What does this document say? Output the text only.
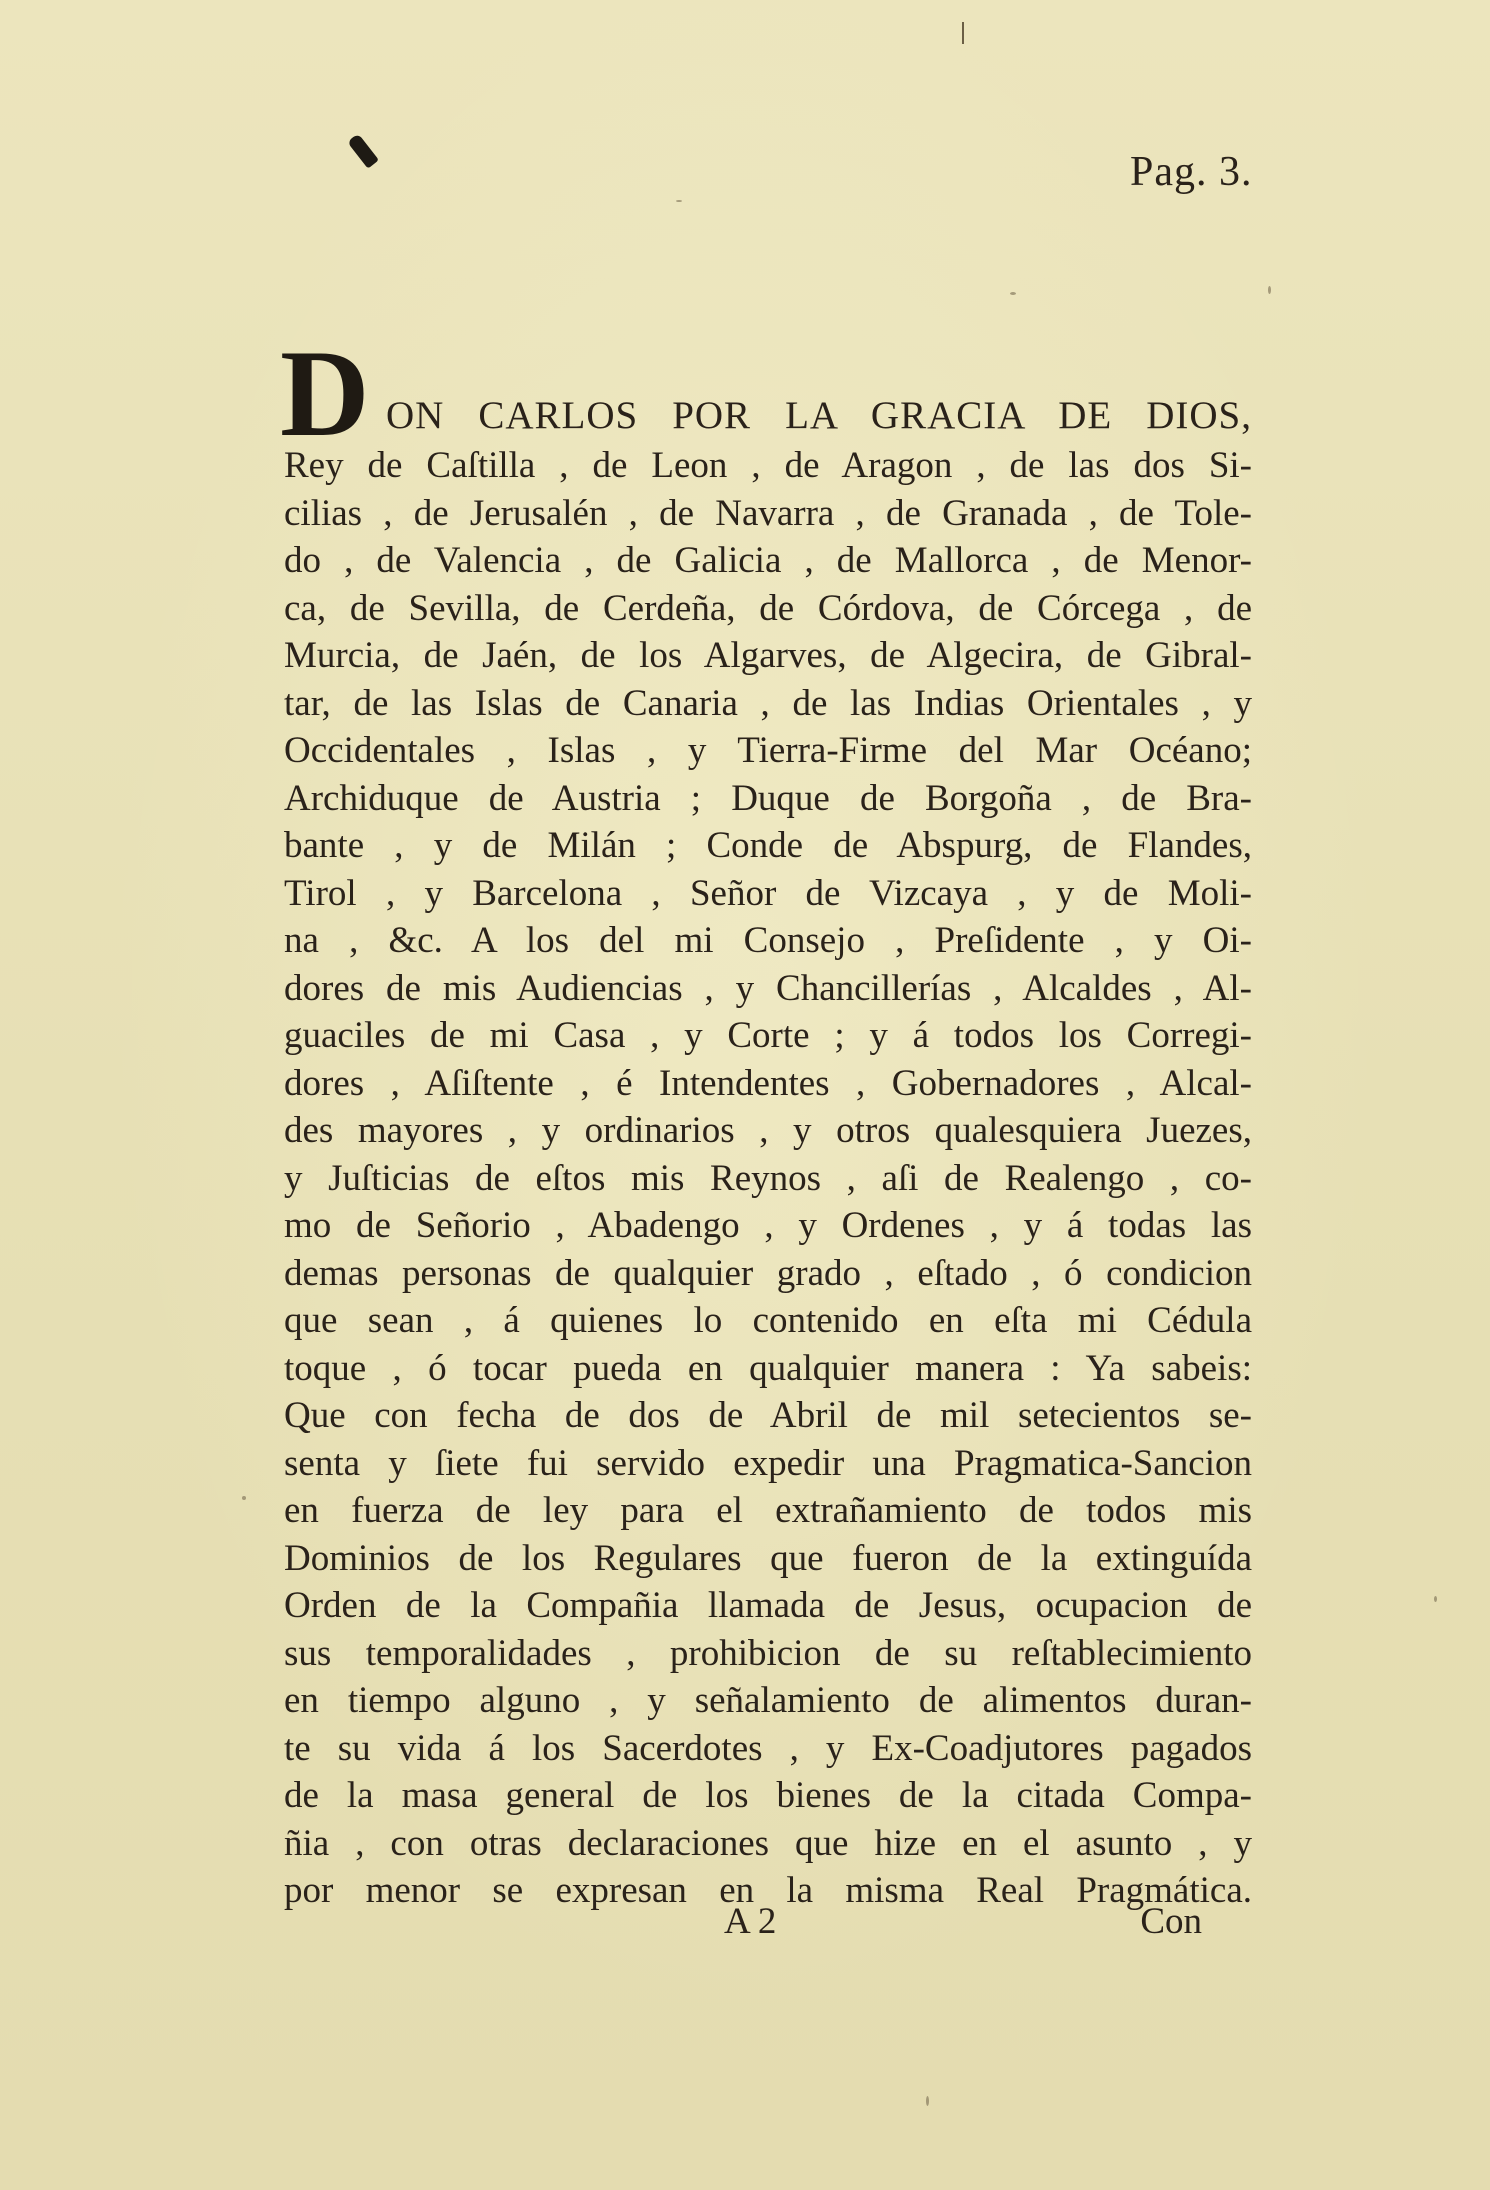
Pag. 3.
D ON CARLOS POR LA GRACIA DE DIOS,
Rey de Caſtilla , de Leon , de Aragon , de las dos Si-
cilias , de Jerusalén , de Navarra , de Granada , de Tole-
do , de Valencia , de Galicia , de Mallorca , de Menor-
ca, de Sevilla, de Cerdeña, de Córdova, de Córcega , de
Murcia, de Jaén, de los Algarves, de Algecira, de Gibral-
tar, de las Islas de Canaria , de las Indias Orientales , y
Occidentales , Islas , y Tierra-Firme del Mar Océano;
Archiduque de Austria ; Duque de Borgoña , de Bra-
bante , y de Milán ; Conde de Abspurg, de Flandes,
Tirol , y Barcelona , Señor de Vizcaya , y de Moli-
na , &c. A los del mi Consejo , Preſidente , y Oi-
dores de mis Audiencias , y Chancillerías , Alcaldes , Al-
guaciles de mi Casa , y Corte ; y á todos los Corregi-
dores , Aſiſtente , é Intendentes , Gobernadores , Alcal-
des mayores , y ordinarios , y otros qualesquiera Juezes,
y Juſticias de eſtos mis Reynos , aſi de Realengo , co-
mo de Señorio , Abadengo , y Ordenes , y á todas las
demas personas de qualquier grado , eſtado , ó condicion
que sean , á quienes lo contenido en eſta mi Cédula
toque , ó tocar pueda en qualquier manera : Ya sabeis:
Que con fecha de dos de Abril de mil setecientos se-
senta y ſiete fui servido expedir una Pragmatica-Sancion
en fuerza de ley para el extrañamiento de todos mis
Dominios de los Regulares que fueron de la extinguída
Orden de la Compañia llamada de Jesus, ocupacion de
sus temporalidades , prohibicion de su reſtablecimiento
en tiempo alguno , y señalamiento de alimentos duran-
te su vida á los Sacerdotes , y Ex-Coadjutores pagados
de la masa general de los bienes de la citada Compa-
ñia , con otras declaraciones que hize en el asunto , y
por menor se expresan en la misma Real Pragmática.
A 2	Con
